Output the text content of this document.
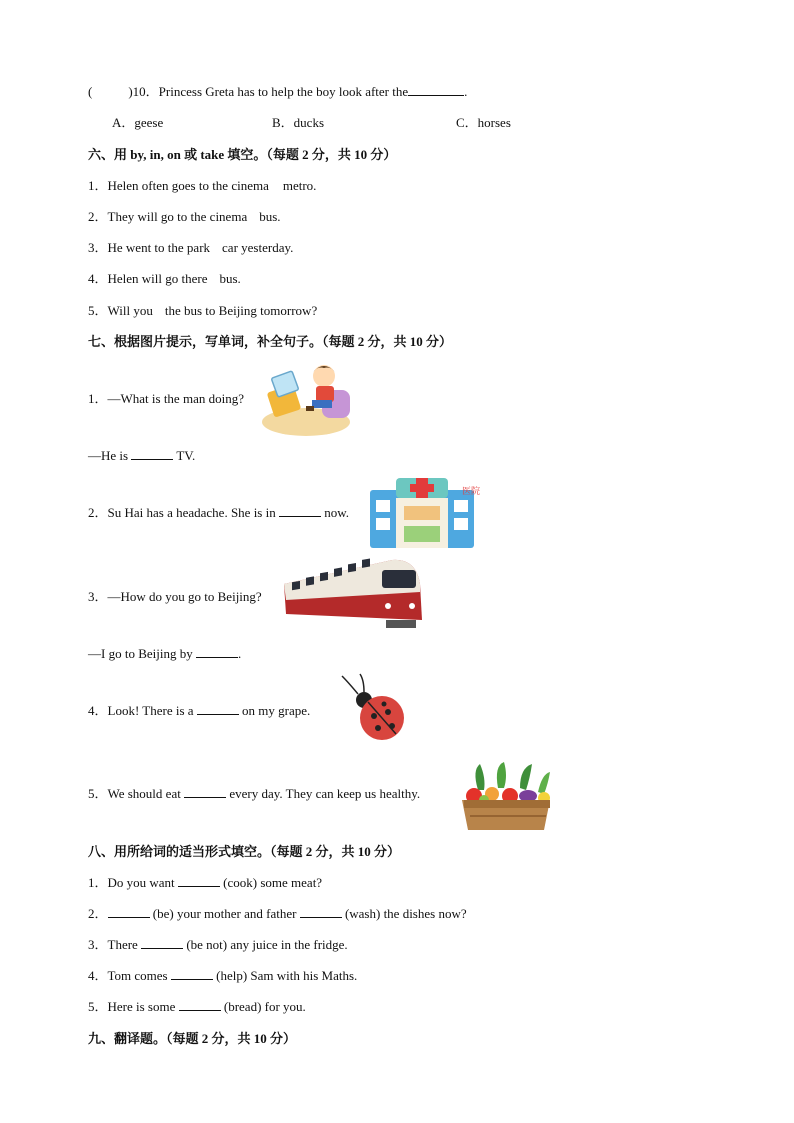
(	)10．Princess Greta has to help the boy look after the	.
A．geese	B．ducks	C．horses
六、用 by, in, on 或 take 填空。（每题 2 分，共 10 分）
1．Helen often goes to the cinema metro.
2．They will go to the cinema bus.
3．He went to the park car yesterday.
4．Helen will go there bus.
5．Will you the bus to Beijing tomorrow?
七、根据图片提示，写单词，补全句子。（每题 2 分，共 10 分）
1．—What is the man doing?
—He is	TV.
2．Su Hai has a headache. She is in	now.
医院
3．—How do you go to Beijing?
—I go to Beijing by	.
4．Look! There is a	on my grape.
5．We should eat	every day. They can keep us healthy.
八、用所给词的适当形式填空。（每题 2 分，共 10 分）
1．Do you want	(cook) some meat?
2．	(be) your mother and father	(wash) the dishes now?
3．There	(be not) any juice in the fridge.
4．Tom comes	(help) Sam with his Maths.
5．Here is some	(bread) for you.
九、翻译题。（每题 2 分，共 10 分）
